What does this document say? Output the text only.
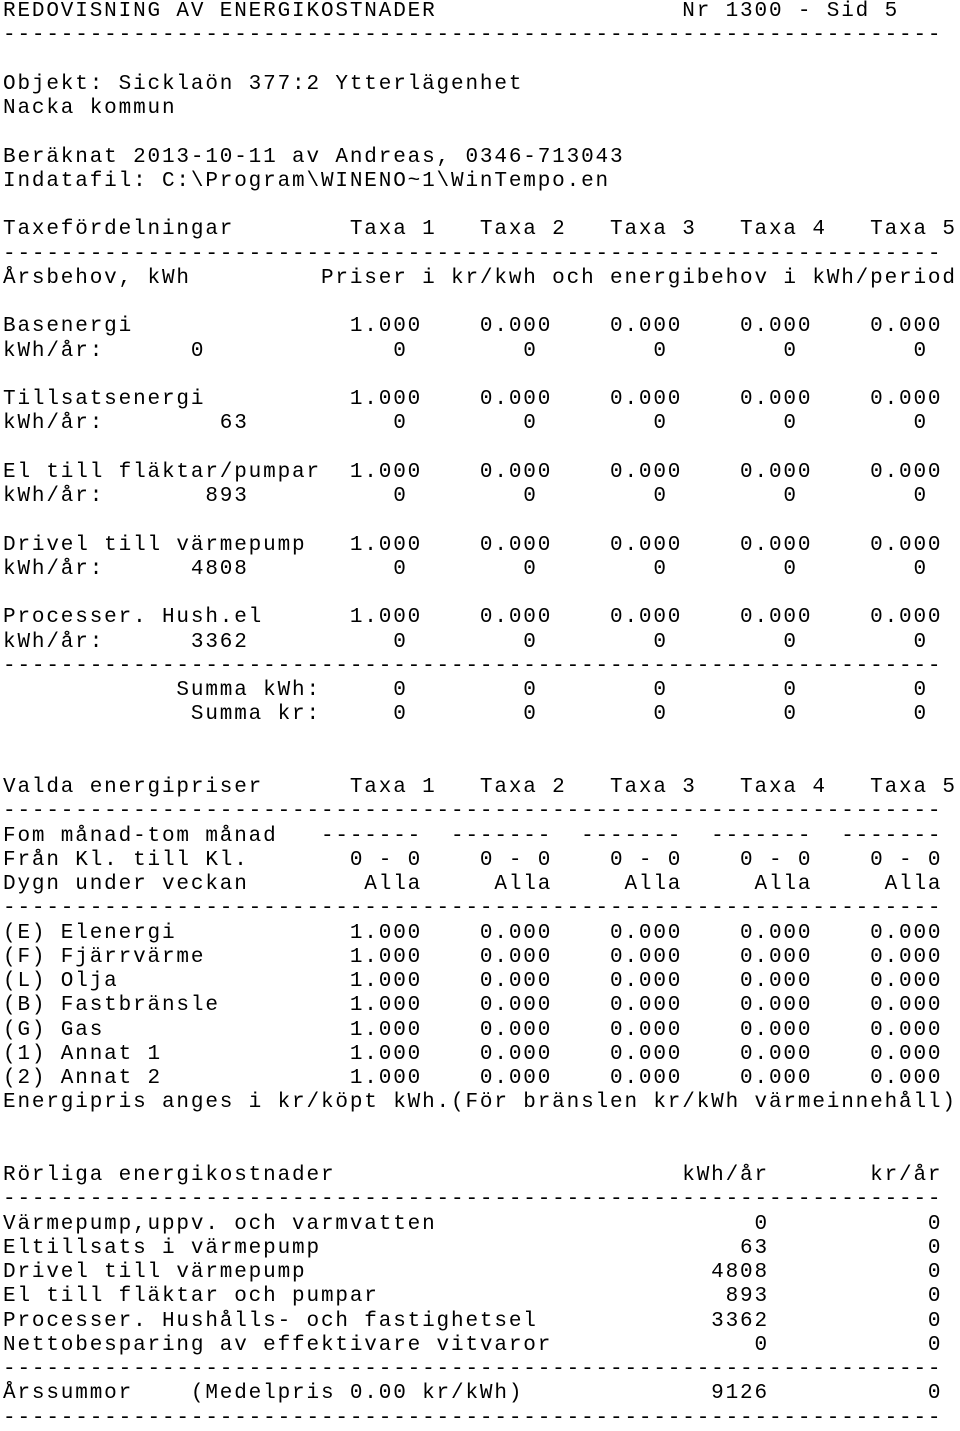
REDOVISNING AV ENERGIKOSTNADER                 Nr 1300 - Sid 5
-----------------------------------------------------------------

Objekt: Sicklaön 377:2 Ytterlägenhet
Nacka kommun

Beräknat 2013-10-11 av Andreas, 0346-713043
Indatafil: C:\Program\WINENO~1\WinTempo.en

Taxefördelningar        Taxa 1   Taxa 2   Taxa 3   Taxa 4   Taxa 5
-----------------------------------------------------------------
Årsbehov, kWh         Priser i kr/kwh och energibehov i kWh/period

Basenergi               1.000    0.000    0.000    0.000    0.000
kWh/år:      0             0        0        0        0        0

Tillsatsenergi          1.000    0.000    0.000    0.000    0.000
kWh/år:        63          0        0        0        0        0

El till fläktar/pumpar  1.000    0.000    0.000    0.000    0.000
kWh/år:       893          0        0        0        0        0

Drivel till värmepump   1.000    0.000    0.000    0.000    0.000
kWh/år:      4808          0        0        0        0        0

Processer. Hush.el      1.000    0.000    0.000    0.000    0.000
kWh/år:      3362          0        0        0        0        0
-----------------------------------------------------------------
Summa kWh:     0        0        0        0        0
Summa kr:     0        0        0        0        0

Valda energipriser      Taxa 1   Taxa 2   Taxa 3   Taxa 4   Taxa 5
-----------------------------------------------------------------
Fom månad-tom månad   -------  -------  -------  -------  -------
Från Kl. till Kl.       0 - 0    0 - 0    0 - 0    0 - 0    0 - 0
Dygn under veckan        Alla     Alla     Alla     Alla     Alla
-----------------------------------------------------------------
(E) Elenergi            1.000    0.000    0.000    0.000    0.000
(F) Fjärrvärme          1.000    0.000    0.000    0.000    0.000
(L) Olja                1.000    0.000    0.000    0.000    0.000
(B) Fastbränsle         1.000    0.000    0.000    0.000    0.000
(G) Gas                 1.000    0.000    0.000    0.000    0.000
(1) Annat 1             1.000    0.000    0.000    0.000    0.000
(2) Annat 2             1.000    0.000    0.000    0.000    0.000
Energipris anges i kr/köpt kWh.(För bränslen kr/kWh värmeinnehåll)

Rörliga energikostnader                        kWh/år       kr/år
-----------------------------------------------------------------
Värmepump,uppv. och varmvatten                      0           0
Eltillsats i värmepump                             63           0
Drivel till värmepump                            4808           0
El till fläktar och pumpar                        893           0
Processer. Hushålls- och fastighetsel            3362           0
Nettobesparing av effektivare vitvaror              0           0
-----------------------------------------------------------------
Årssummor    (Medelpris 0.00 kr/kWh)             9126           0
-----------------------------------------------------------------
